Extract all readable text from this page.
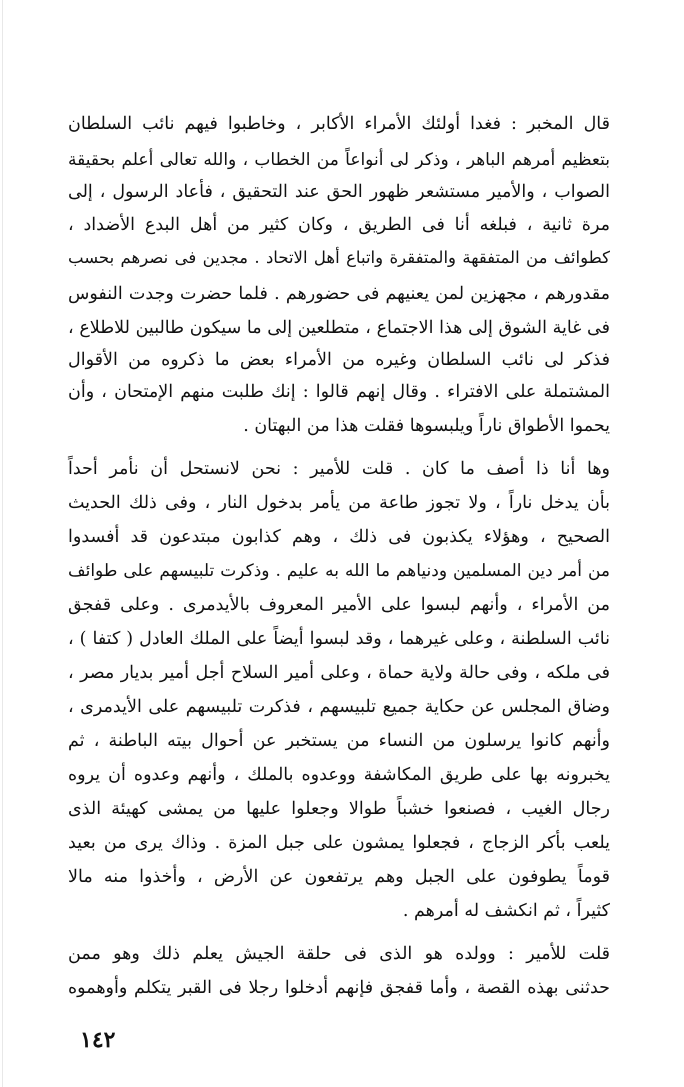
قال المخبر : فغدا أولئك الأمراء الأكابر ، وخاطبوا فيهم نائب السلطان
بتعظيم أمرهم الباهر ، وذكر لى أنواعاً من الخطاب ، والله تعالى أعلم بحقيقة
الصواب ، والأمير مستشعر ظهور الحق عند التحقيق ، فأعاد الرسول ، إلى
مرة ثانية ، فبلغه أنا فى الطريق ، وكان كثير من أهل البدع الأضداد ،
كطوائف من المتفقهة والمتفقرة واتباع أهل الاتحاد . مجدين فى نصرهم بحسب
مقدورهم ، مجهزين لمن يعنيهم فى حضورهم . فلما حضرت وجدت النفوس
فى غاية الشوق إلى هذا الاجتماع ، متطلعين إلى ما سيكون طالبين للاطلاع ،
فذكر لى نائب السلطان وغيره من الأمراء بعض ما ذكروه من الأقوال
المشتملة على الافتراء . وقال إنهم قالوا : إنك طلبت منهم الإمتحان ، وأن
يحموا الأطواق ناراً ويلبسوها فقلت هذا من البهتان .
وها أنا ذا أصف ما كان . قلت للأمير : نحن لانستحل أن نأمر أحداً
بأن يدخل ناراً ، ولا تجوز طاعة من يأمر بدخول النار ، وفى ذلك الحديث
الصحيح ، وهؤلاء يكذبون فى ذلك ، وهم كذابون مبتدعون قد أفسدوا
من أمر دين المسلمين ودنياهم ما الله به عليم . وذكرت تلبيسهم على طوائف
من الأمراء ، وأنهم لبسوا على الأمير المعروف بالأيدمرى . وعلى قفجق
نائب السلطنة ، وعلى غيرهما ، وقد لبسوا أيضاً على الملك العادل ( كتفا ) ،
فى ملكه ، وفى حالة ولاية حماة ، وعلى أمير السلاح أجل أمير بديار مصر ،
وضاق المجلس عن حكاية جميع تلبيسهم ، فذكرت تلبيسهم على الأيدمرى ،
وأنهم كانوا يرسلون من النساء من يستخبر عن أحوال بيته الباطنة ، ثم
يخبرونه بها على طريق المكاشفة ووعدوه بالملك ، وأنهم وعدوه أن يروه
رجال الغيب ، فصنعوا خشباً طوالا وجعلوا عليها من يمشى كهيئة الذى
يلعب بأكر الزجاج ، فجعلوا يمشون على جبل المزة . وذاك يرى من بعيد
قوماً يطوفون على الجبل وهم يرتفعون عن الأرض ، وأخذوا منه مالا
كثيراً ، ثم انكشف له أمرهم .
قلت للأمير : وولده هو الذى فى حلقة الجيش يعلم ذلك وهو ممن
حدثنى بهذه القصة ، وأما قفجق فإنهم أدخلوا رجلا فى القبر يتكلم وأوهموه
١٤٢
